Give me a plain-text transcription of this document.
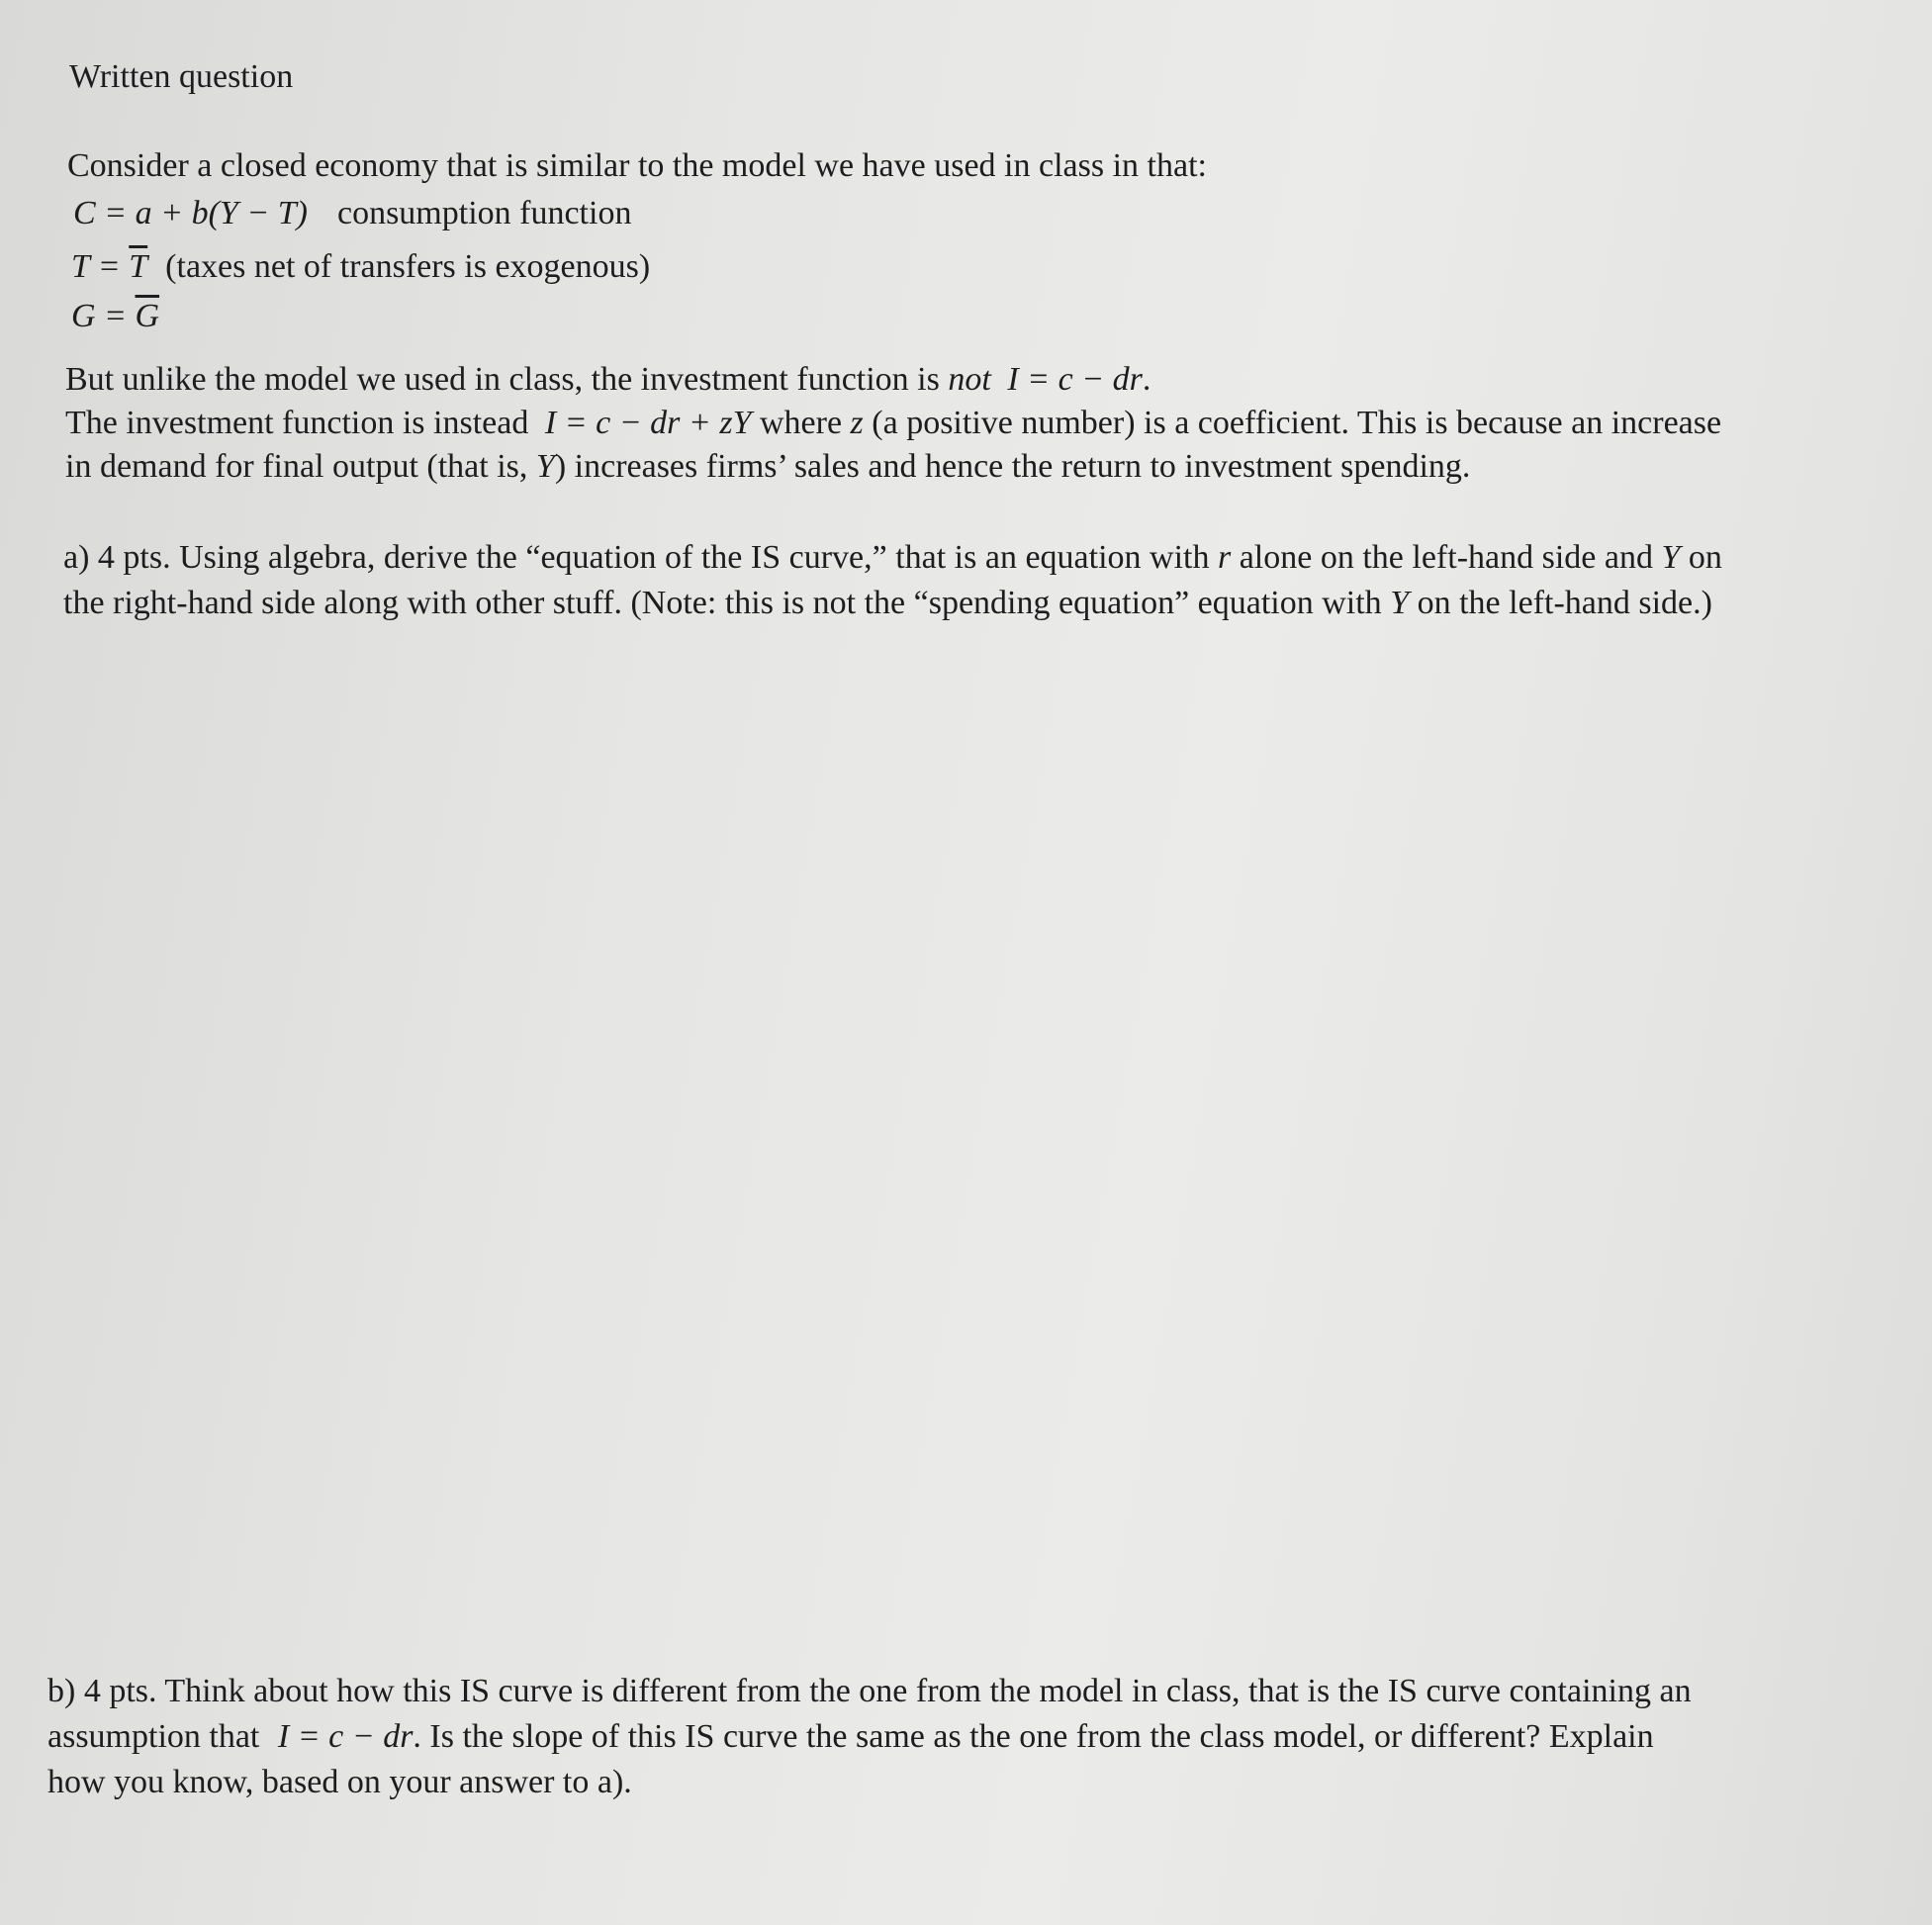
Written question
Consider a closed economy that is similar to the model we have used in class in that:
C = a + b(Y − T) consumption function
$T = \overline{T}$ (taxes net of transfers is exogenous)
$G = \overline{G}$
But unlike the model we used in class, the investment function is not I = c − dr.
The investment function is instead I = c − dr + zY where z (a positive number) is a coefficient. This is because an increase
in demand for final output (that is, Y) increases firms’ sales and hence the return to investment spending.
a) 4 pts. Using algebra, derive the “equation of the IS curve,” that is an equation with r alone on the left-hand side and Y on
the right-hand side along with other stuff. (Note: this is not the “spending equation” equation with Y on the left-hand side.)
b) 4 pts. Think about how this IS curve is different from the one from the model in class, that is the IS curve containing an
assumption that I = c − dr. Is the slope of this IS curve the same as the one from the class model, or different? Explain
how you know, based on your answer to a).
